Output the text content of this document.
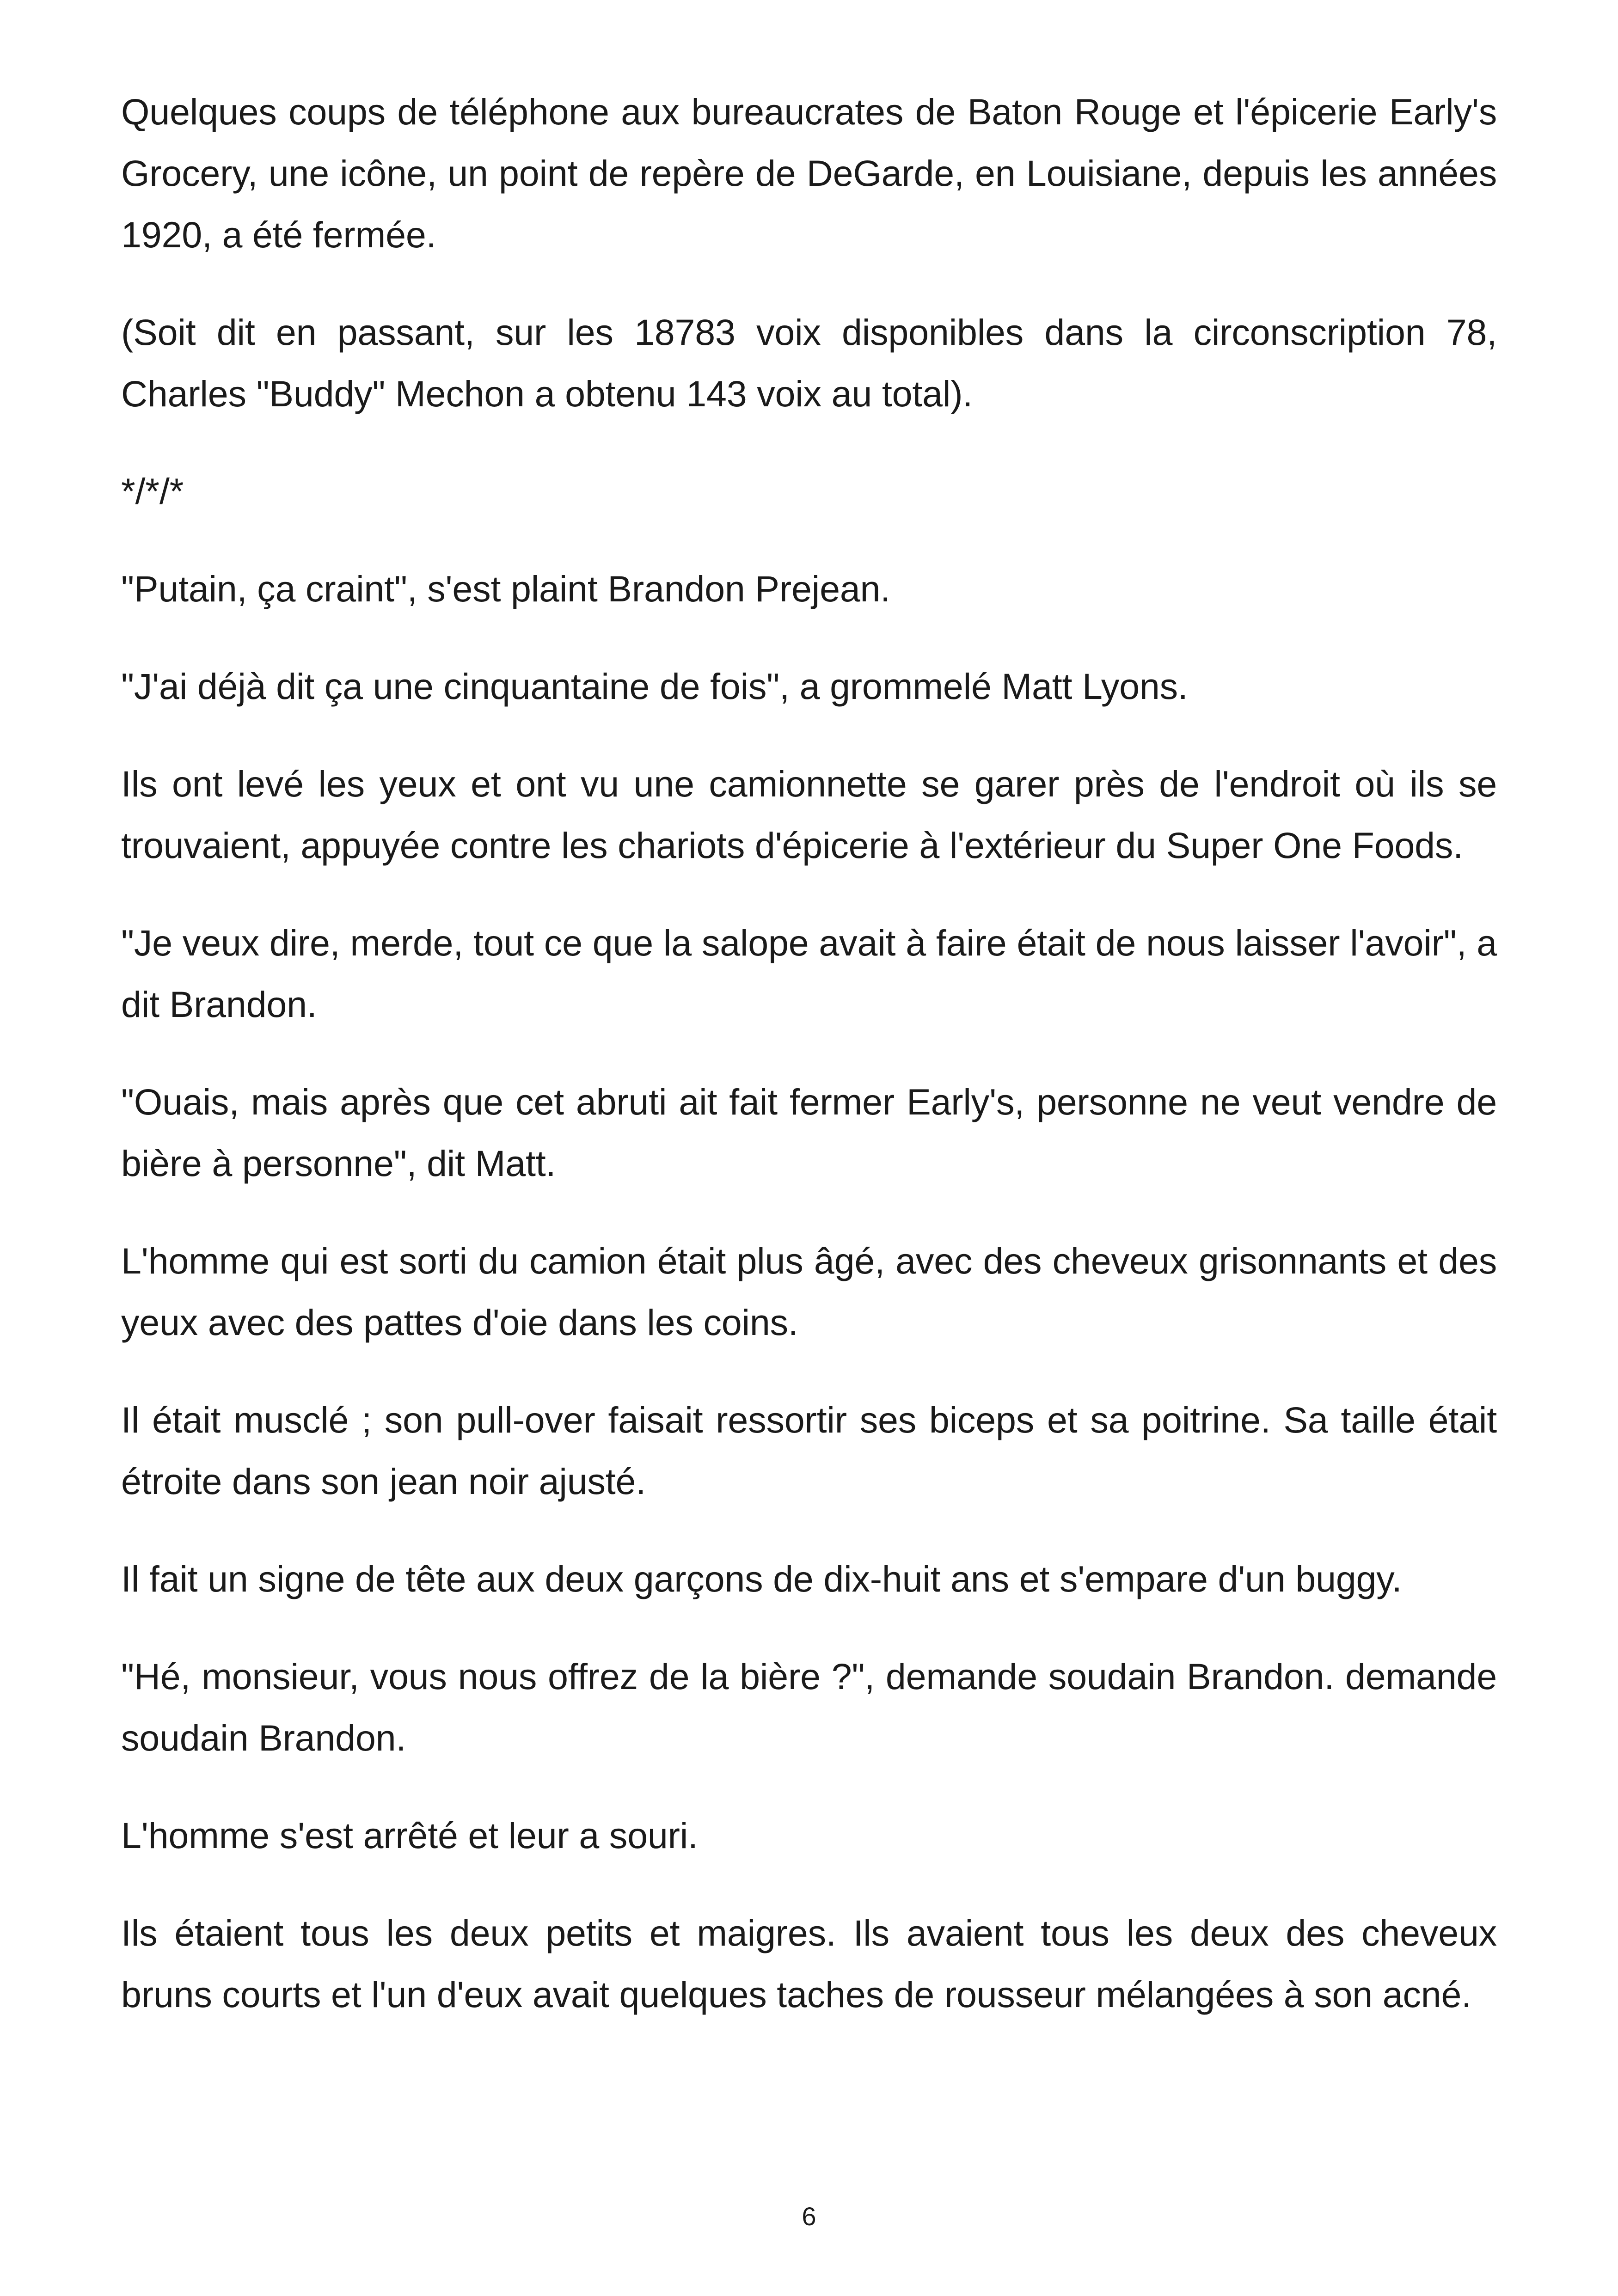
Quelques coups de téléphone aux bureaucrates de Baton Rouge et l'épicerie Early's Grocery, une icône, un point de repère de DeGarde, en Louisiane, depuis les années 1920, a été fermée.

(Soit dit en passant, sur les 18783 voix disponibles dans la circonscription 78, Charles "Buddy" Mechon a obtenu 143 voix au total).

*/*/*

"Putain, ça craint", s'est plaint Brandon Prejean.

"J'ai déjà dit ça une cinquantaine de fois", a grommelé Matt Lyons.

Ils ont levé les yeux et ont vu une camionnette se garer près de l'endroit où ils se trouvaient, appuyée contre les chariots d'épicerie à l'extérieur du Super One Foods.

"Je veux dire, merde, tout ce que la salope avait à faire était de nous laisser l'avoir", a dit Brandon.

"Ouais, mais après que cet abruti ait fait fermer Early's, personne ne veut vendre de bière à personne", dit Matt.

L'homme qui est sorti du camion était plus âgé, avec des cheveux grisonnants et des yeux avec des pattes d'oie dans les coins.

Il était musclé ; son pull-over faisait ressortir ses biceps et sa poitrine. Sa taille était étroite dans son jean noir ajusté.

Il fait un signe de tête aux deux garçons de dix-huit ans et s'empare d'un buggy.

"Hé, monsieur, vous nous offrez de la bière ?", demande soudain Brandon. demande soudain Brandon.

L'homme s'est arrêté et leur a souri.

Ils étaient tous les deux petits et maigres. Ils avaient tous les deux des cheveux bruns courts et l'un d'eux avait quelques taches de rousseur mélangées à son acné.

6
